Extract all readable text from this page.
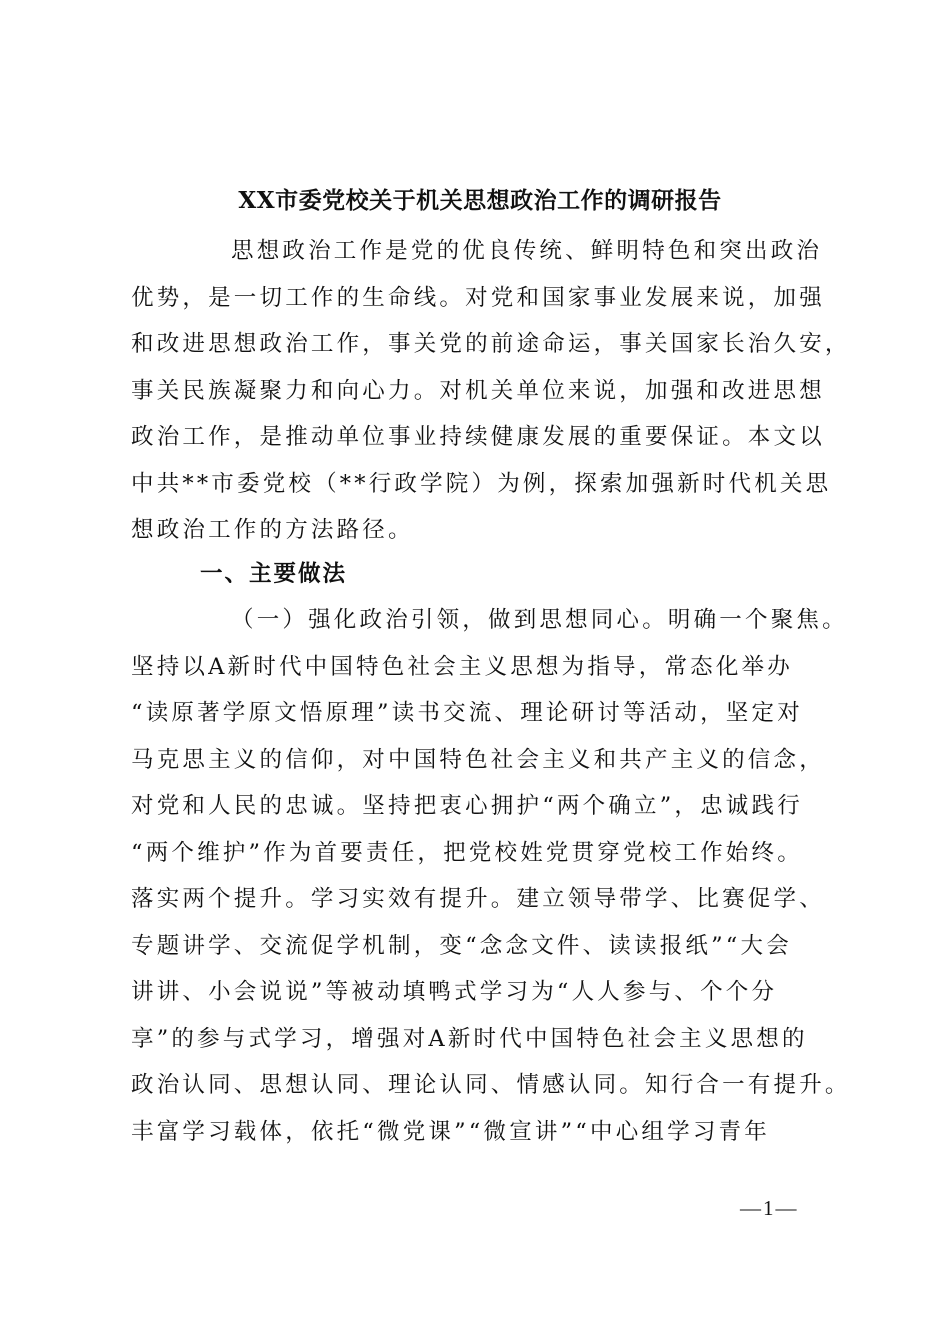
XX市委党校关于机关思想政治工作的调研报告
思想政治工作是党的优良传统、鲜明特色和突出政治
优势，是一切工作的生命线。对党和国家事业发展来说，加强
和改进思想政治工作，事关党的前途命运，事关国家长治久安，
事关民族凝聚力和向心力。对机关单位来说，加强和改进思想
政治工作，是推动单位事业持续健康发展的重要保证。本文以
中共**市委党校（**行政学院）为例，探索加强新时代机关思
想政治工作的方法路径。
一、主要做法
（一）强化政治引领，做到思想同心。明确一个聚焦。
坚持以A新时代中国特色社会主义思想为指导，常态化举办
“读原著学原文悟原理”读书交流、理论研讨等活动，坚定对
马克思主义的信仰，对中国特色社会主义和共产主义的信念，
对党和人民的忠诚。坚持把衷心拥护“两个确立”，忠诚践行
“两个维护”作为首要责任，把党校姓党贯穿党校工作始终。
落实两个提升。学习实效有提升。建立领导带学、比赛促学、
专题讲学、交流促学机制，变“念念文件、读读报纸”“大会
讲讲、小会说说”等被动填鸭式学习为“人人参与、个个分
享”的参与式学习，增强对A新时代中国特色社会主义思想的
政治认同、思想认同、理论认同、情感认同。知行合一有提升。
丰富学习载体，依托“微党课”“微宣讲”“中心组学习青年
—1—
